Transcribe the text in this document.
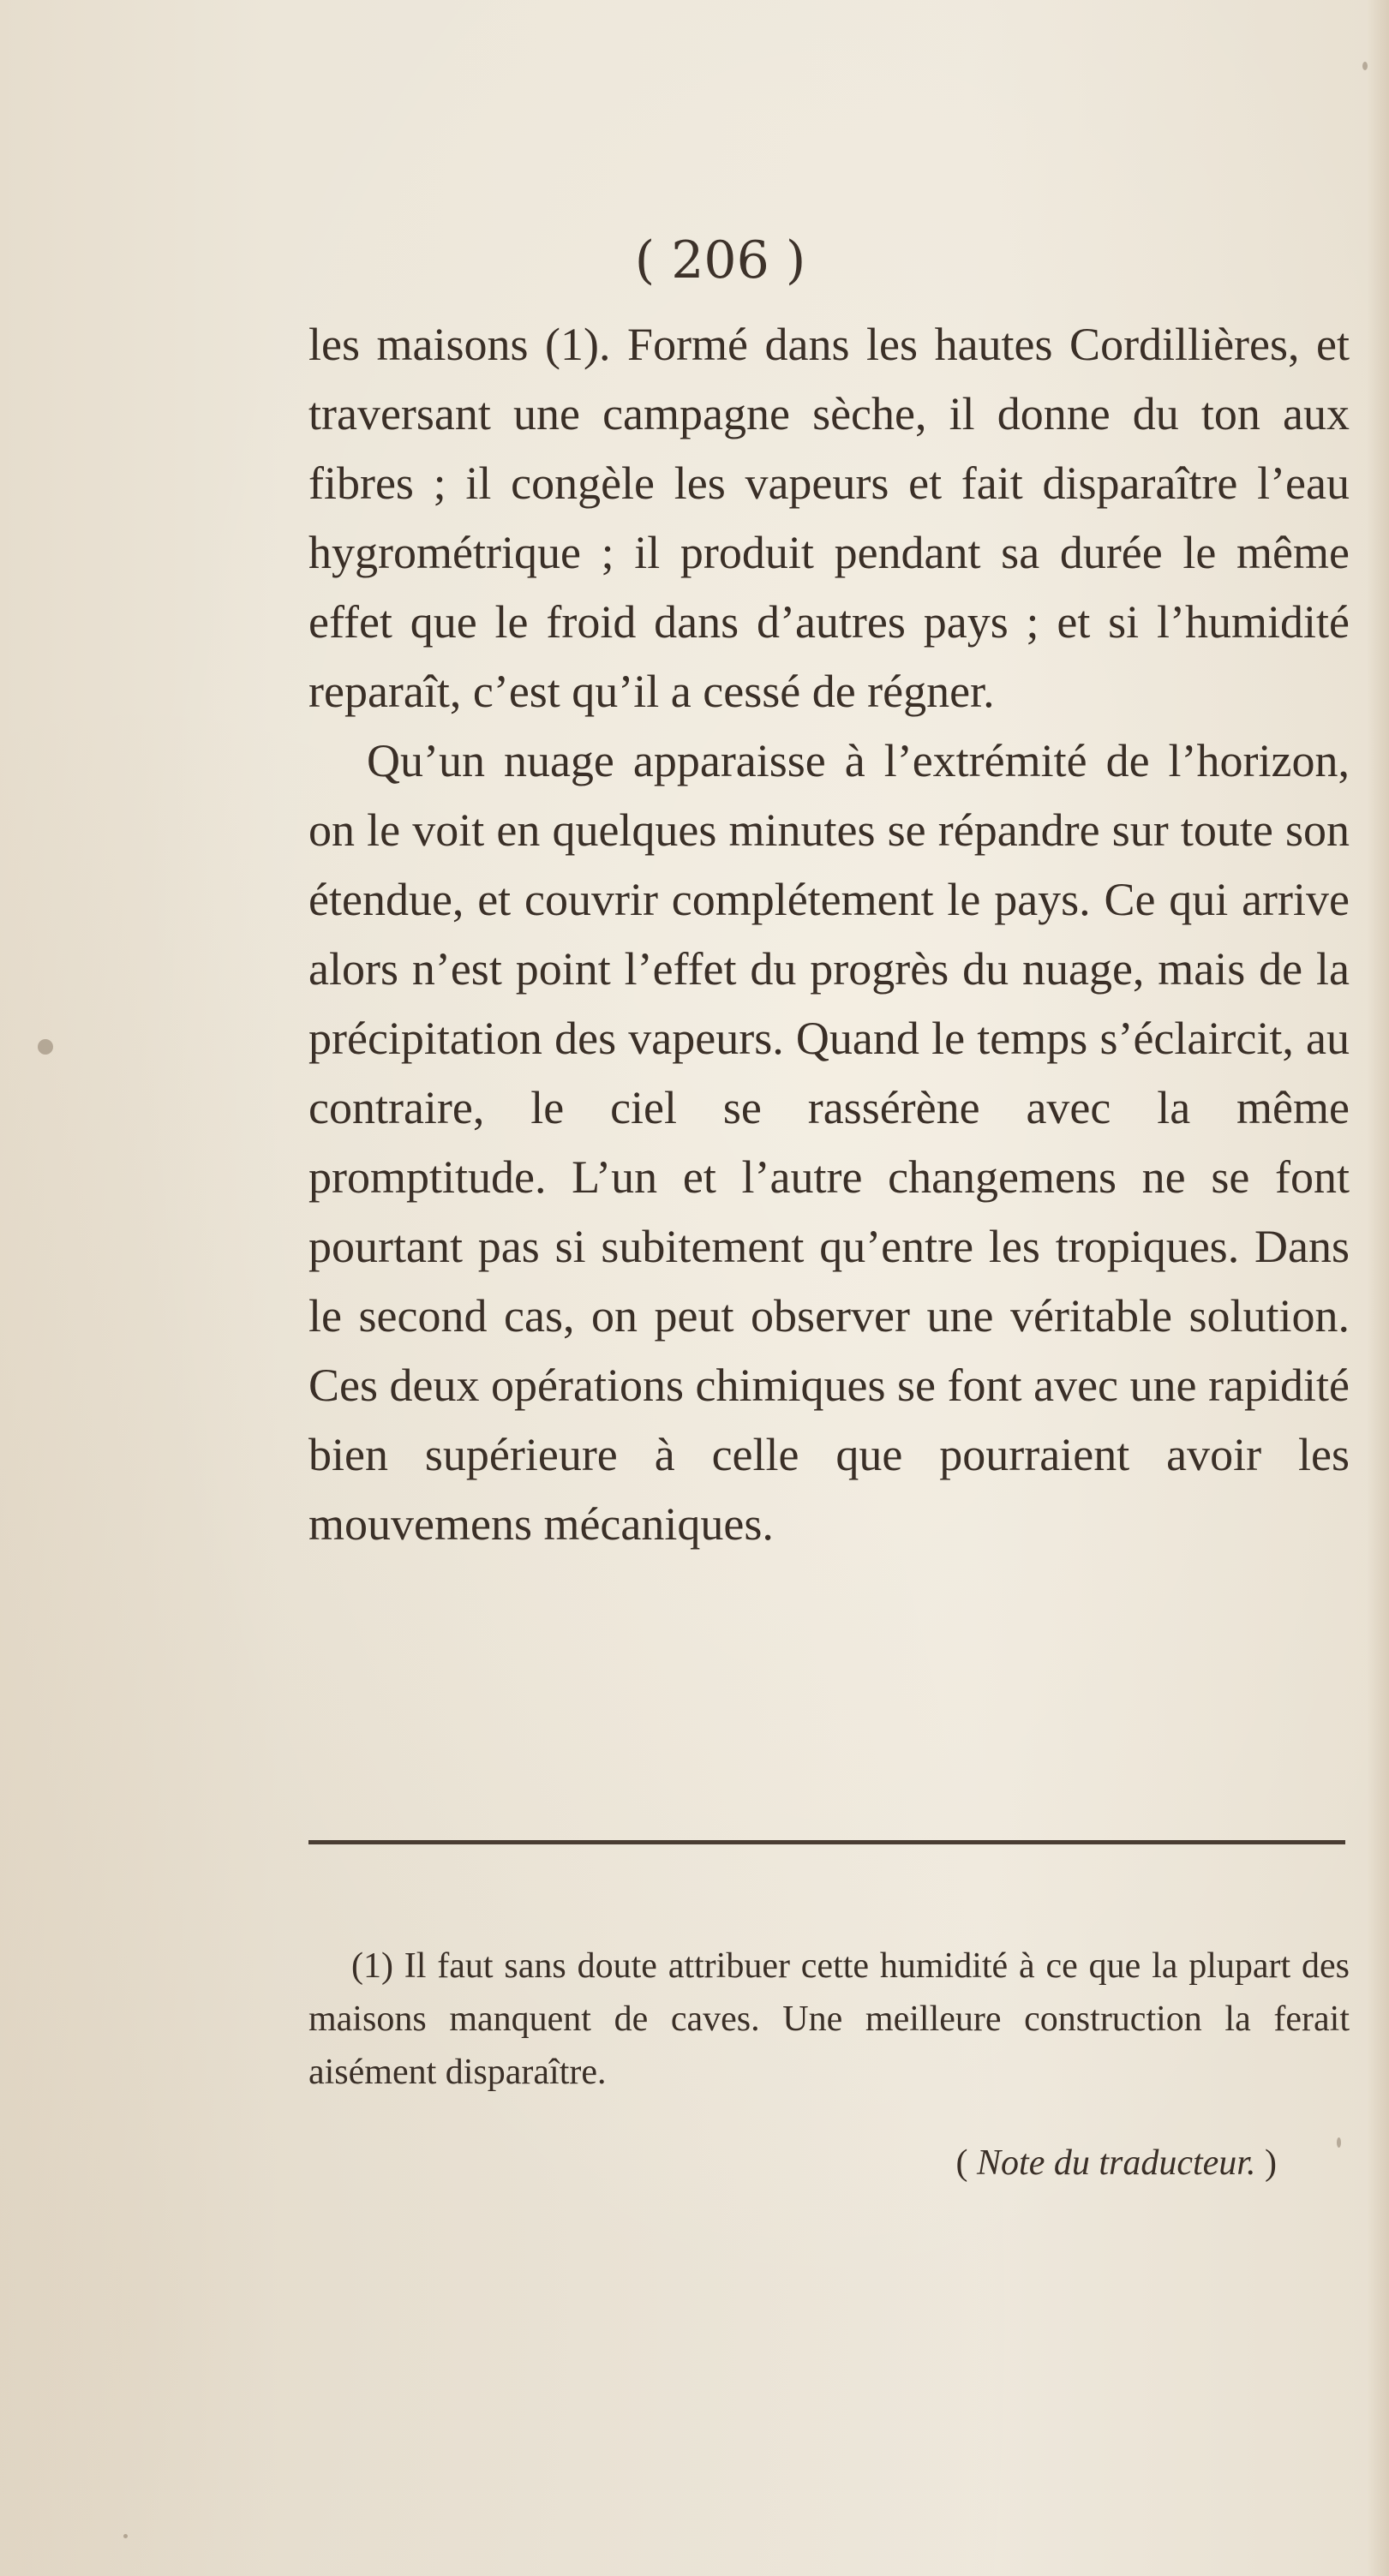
( 206 )

les maisons (1). Formé dans les hautes Cordillières, et traversant une campagne sèche, il donne du ton aux fibres ; il congèle les vapeurs et fait disparaître l’eau hygrométrique ; il produit pendant sa durée le même effet que le froid dans d’autres pays ; et si l’humidité reparaît, c’est qu’il a cessé de régner.

Qu’un nuage apparaisse à l’extrémité de l’horizon, on le voit en quelques minutes se répandre sur toute son étendue, et couvrir complétement le pays. Ce qui arrive alors n’est point l’effet du progrès du nuage, mais de la précipitation des vapeurs. Quand le temps s’éclaircit, au contraire, le ciel se rassérène avec la même promptitude. L’un et l’autre changemens ne se font pourtant pas si subitement qu’entre les tropiques. Dans le second cas, on peut observer une véritable solution. Ces deux opérations chimiques se font avec une rapidité bien supérieure à celle que pourraient avoir les mouvemens mécaniques.

(1) Il faut sans doute attribuer cette humidité à ce que la plupart des maisons manquent de caves. Une meilleure construction la ferait aisément disparaître.

( Note du traducteur. )
